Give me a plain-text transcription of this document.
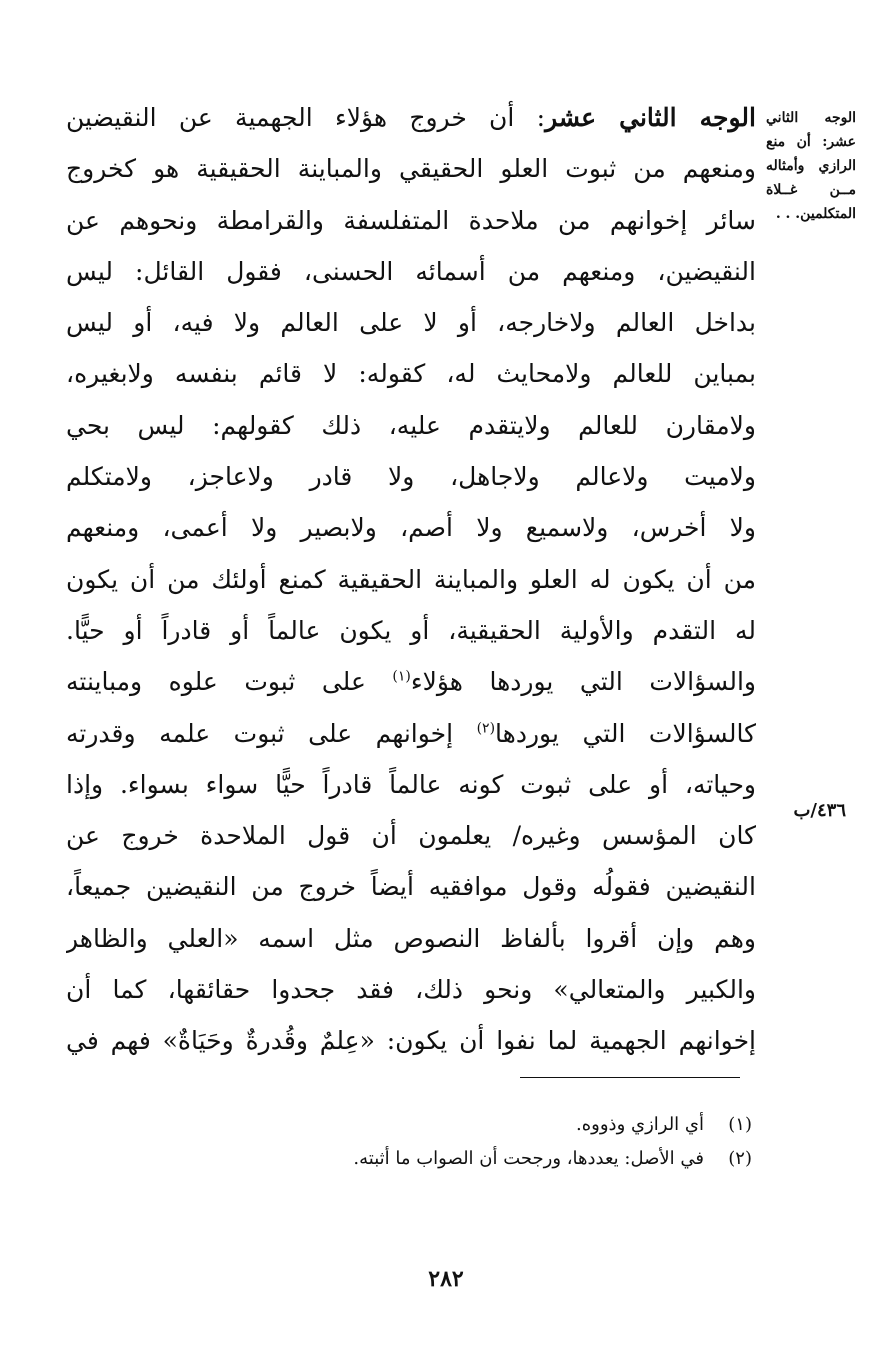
الوجه الثاني
عشر: أن منع
الرازي وأمثاله
مــن غــلاة
المتكلمين. . .
٤٣٦/ب
الوجه الثاني عشر: أن خروج هؤلاء الجهمية عن النقيضين
ومنعهم من ثبوت العلو الحقيقي والمباينة الحقيقية هو كخروج
سائر إخوانهم من ملاحدة المتفلسفة والقرامطة ونحوهم عن
النقيضين، ومنعهم من أسمائه الحسنى، فقول القائل: ليس
بداخل العالم ولاخارجه، أو لا على العالم ولا فيه، أو ليس
بمباين للعالم ولامحايث له، كقوله: لا قائم بنفسه ولابغيره،
ولامقارن للعالم ولايتقدم عليه، ذلك كقولهم: ليس بحي
ولاميت ولاعالم ولاجاهل، ولا قادر ولاعاجز، ولامتكلم
ولا أخرس، ولاسميع ولا أصم، ولابصير ولا أعمى، ومنعهم
من أن يكون له العلو والمباينة الحقيقية كمنع أولئك من أن يكون
له التقدم والأولية الحقيقية، أو يكون عالماً أو قادراً أو حيًّا.
والسؤالات التي يوردها هؤلاء$^{(١)}$ على ثبوت علوه ومباينته
كالسؤالات التي يوردها$^{(٢)}$ إخوانهم على ثبوت علمه وقدرته
وحياته، أو على ثبوت كونه عالماً قادراً حيًّا سواء بسواء. وإذا
كان المؤسس وغيره/ يعلمون أن قول الملاحدة خروج عن
النقيضين فقولُه وقول موافقيه أيضاً خروج من النقيضين جميعاً،
وهم وإن أقروا بألفاظ النصوص مثل اسمه «العلي والظاهر
والكبير والمتعالي» ونحو ذلك، فقد جحدوا حقائقها، كما أن
إخوانهم الجهمية لما نفوا أن يكون: «عِلمٌ وقُدرةٌ وحَيَاةٌ» فهم في
(١)أي الرازي وذووه.
(٢)في الأصل: يعددها، ورجحت أن الصواب ما أثبته.
٢٨٢
